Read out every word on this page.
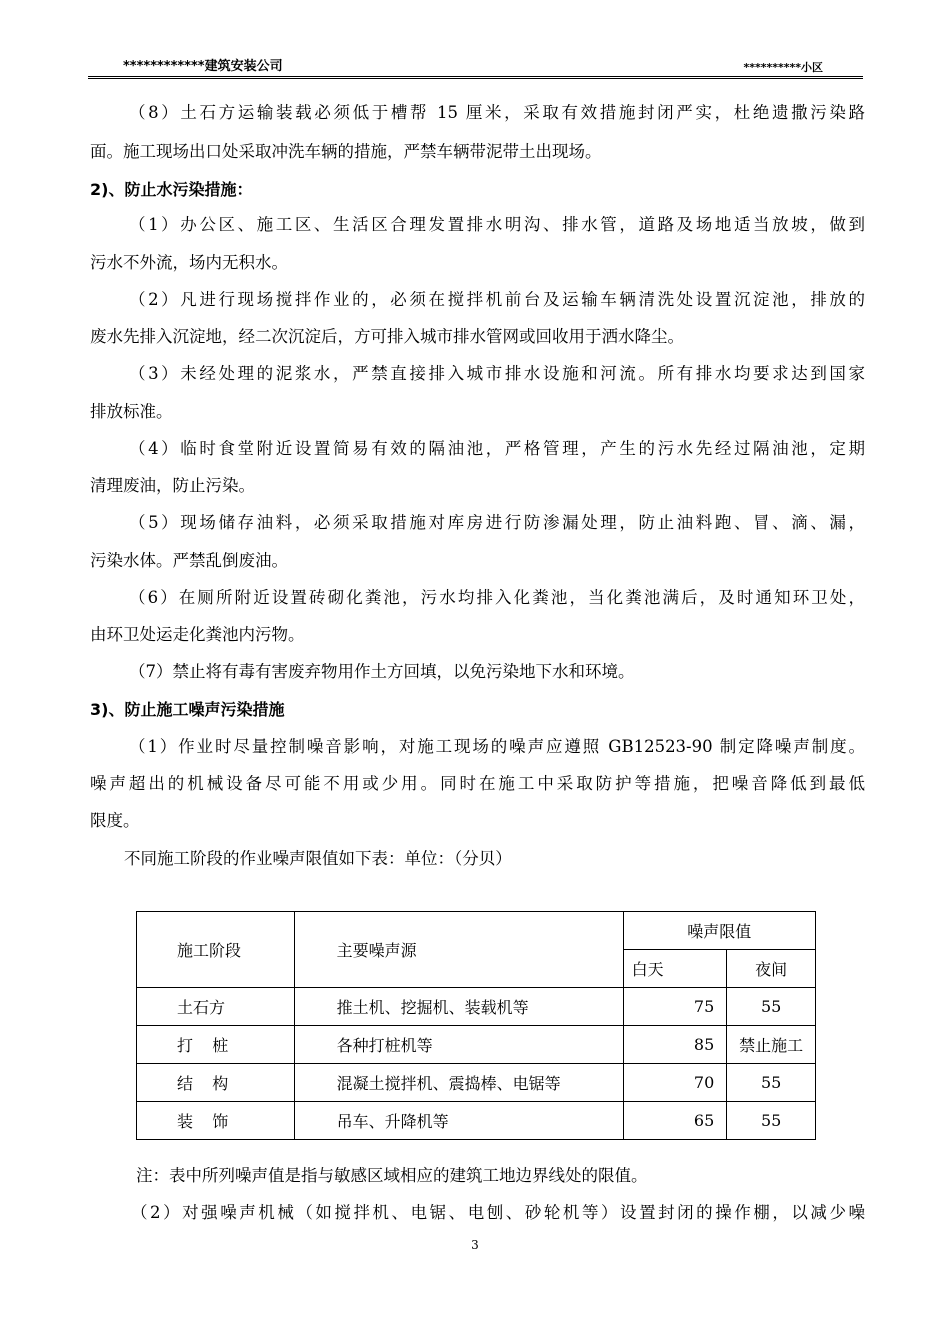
************建筑安装公司	**********小区

（8）土石方运输装载必须低于槽帮 15 厘米，采取有效措施封闭严实，杜绝遗撒污染路

面。施工现场出口处采取冲洗车辆的措施，严禁车辆带泥带土出现场。

2)、防止水污染措施：

（1）办公区、施工区、生活区合理发置排水明沟、排水管，道路及场地适当放坡，做到

污水不外流，场内无积水。

（2）凡进行现场搅拌作业的，必须在搅拌机前台及运输车辆清洗处设置沉淀池，排放的

废水先排入沉淀地，经二次沉淀后，方可排入城市排水管网或回收用于洒水降尘。

（3）未经处理的泥浆水，严禁直接排入城市排水设施和河流。所有排水均要求达到国家

排放标准。

（4）临时食堂附近设置简易有效的隔油池，严格管理，产生的污水先经过隔油池，定期

清理废油，防止污染。

（5）现场储存油料，必须采取措施对库房进行防渗漏处理，防止油料跑、冒、滴、漏，

污染水体。严禁乱倒废油。

（6）在厕所附近设置砖砌化粪池，污水均排入化粪池，当化粪池满后，及时通知环卫处，

由环卫处运走化粪池内污物。

（7）禁止将有毒有害废弃物用作土方回填，以免污染地下水和环境。

3)、防止施工噪声污染措施

（1）作业时尽量控制噪音影响，对施工现场的噪声应遵照 GB12523-90 制定降噪声制度。

噪声超出的机械设备尽可能不用或少用。同时在施工中采取防护等措施，把噪音降低到最低

限度。

不同施工阶段的作业噪声限值如下表：单位：（分贝）

施工阶段	主要噪声源	噪声限值	
		白天	夜间
土石方	推土机、挖掘机、装载机等	75	55
打桩	各种打桩机等	85	禁止施工
结构	混凝土搅拌机、震捣棒、电锯等	70	55
装饰	吊车、升降机等	65	55

注：表中所列噪声值是指与敏感区域相应的建筑工地边界线处的限值。

（2）对强噪声机械（如搅拌机、电锯、电刨、砂轮机等）设置封闭的操作棚，以减少噪

3
